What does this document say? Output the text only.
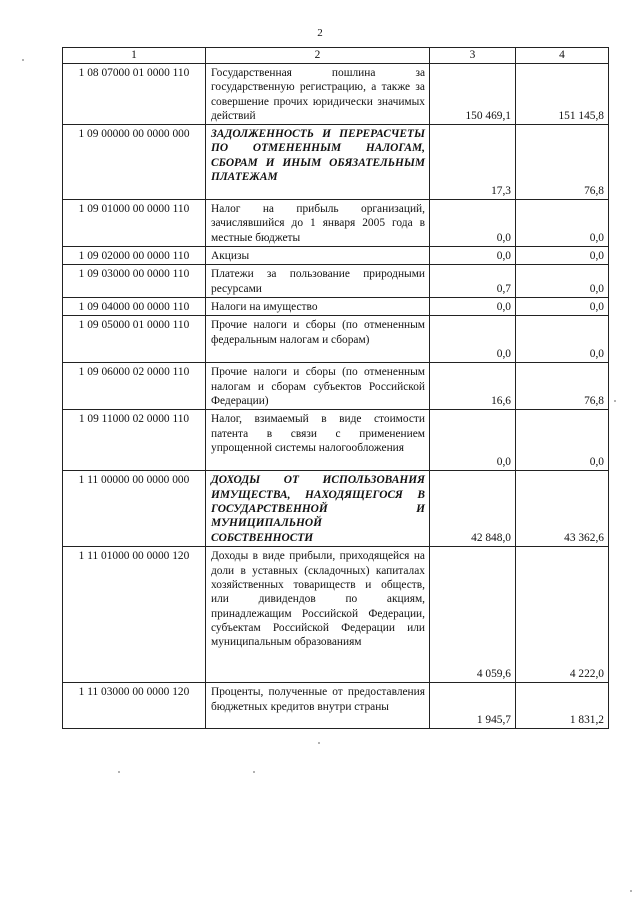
2
1	2	3	4
1 08 07000 01 0000 110	Государственная пошлина за государственную регистрацию, а также за совершение прочих юридически значимых действий	150 469,1	151 145,8
1 09 00000 00 0000 000	ЗАДОЛЖЕННОСТЬ И ПЕРЕРАСЧЕТЫ ПО ОТМЕНЕННЫМ НАЛОГАМ, СБОРАМ И ИНЫМ ОБЯЗАТЕЛЬНЫМ ПЛАТЕЖАМ	17,3	76,8
1 09 01000 00 0000 110	Налог на прибыль организаций, зачислявшийся до 1 января 2005 года в местные бюджеты	0,0	0,0
1 09 02000 00 0000 110	Акцизы	0,0	0,0
1 09 03000 00 0000 110	Платежи за пользование природными ресурсами	0,7	0,0
1 09 04000 00 0000 110	Налоги на имущество	0,0	0,0
1 09 05000 01 0000 110	Прочие налоги и сборы (по отмененным федеральным налогам и сборам)	0,0	0,0
1 09 06000 02 0000 110	Прочие налоги и сборы (по отмененным налогам и сборам субъектов Российской Федерации)	16,6	76,8
1 09 11000 02 0000 110	Налог, взимаемый в виде стоимости патента в связи с применением упрощенной системы налогообложения	0,0	0,0
1 11 00000 00 0000 000	ДОХОДЫ ОТ ИСПОЛЬЗОВАНИЯ ИМУЩЕСТВА, НАХОДЯЩЕГОСЯ В ГОСУДАРСТВЕННОЙ И МУНИЦИПАЛЬНОЙ СОБСТВЕННОСТИ	42 848,0	43 362,6
1 11 01000 00 0000 120	Доходы в виде прибыли, приходящейся на доли в уставных (складочных) капиталах хозяйственных товариществ и обществ, или дивидендов по акциям, принадлежащим Российской Федерации, субъектам Российской Федерации или муниципальным образованиям	4 059,6	4 222,0
1 11 03000 00 0000 120	Проценты, полученные от предоставления бюджетных кредитов внутри страны	1 945,7	1 831,2
